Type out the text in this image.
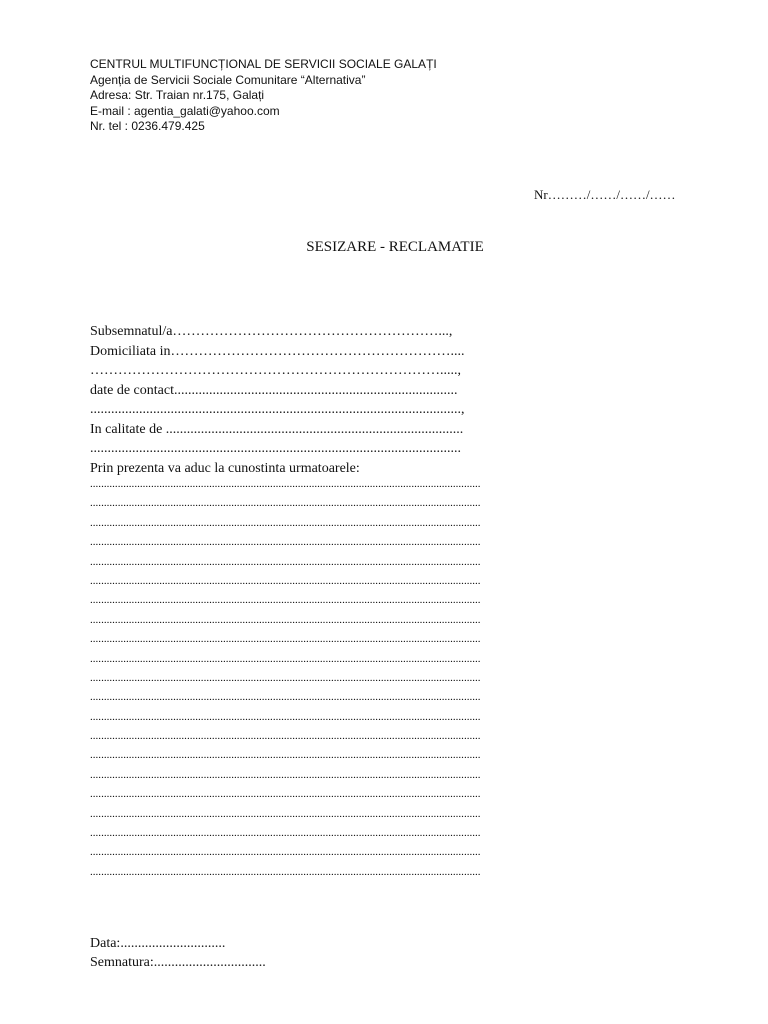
CENTRUL MULTIFUNCȚIONAL DE SERVICII SOCIALE GALAȚI
Agenția de Servicii Sociale Comunitare “Alternativa”
Adresa: Str. Traian nr.175, Galați
E-mail : agentia_galati@yahoo.com
Nr. tel : 0236.479.425
Nr………/……/……/……
SESIZARE - RECLAMATIE
Subsemnatul/a…………………………………………………...,
Domiciliata in……………………………………………………....
………………………………………………………………….....,
date de contact.................................................................................
..........................................................................................................,
In calitate de .....................................................................................
..........................................................................................................
Prin prezenta va aduc la cunostinta urmatoarele:
.............................................................................................................................................
.............................................................................................................................................
.............................................................................................................................................
.............................................................................................................................................
.............................................................................................................................................
.............................................................................................................................................
.............................................................................................................................................
.............................................................................................................................................
.............................................................................................................................................
.............................................................................................................................................
.............................................................................................................................................
.............................................................................................................................................
.............................................................................................................................................
.............................................................................................................................................
.............................................................................................................................................
.............................................................................................................................................
.............................................................................................................................................
.............................................................................................................................................
.............................................................................................................................................
.............................................................................................................................................
.............................................................................................................................................
Data:..............................
Semnatura:................................
